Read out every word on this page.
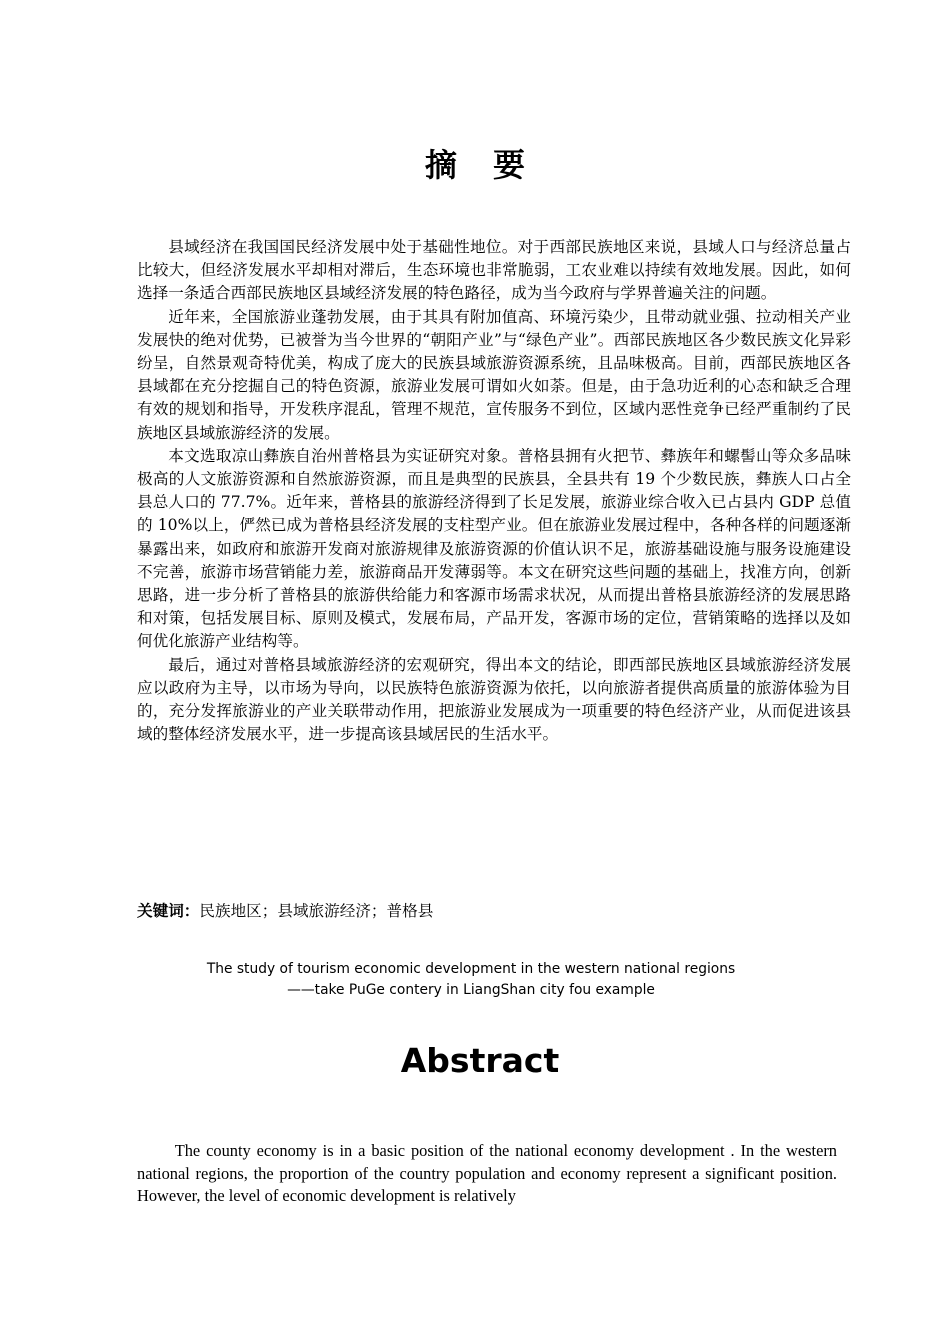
摘要

县域经济在我国国民经济发展中处于基础性地位。对于西部民族地区来说，县域人口与经济总量占比较大，但经济发展水平却相对滞后，生态环境也非常脆弱，工农业难以持续有效地发展。因此，如何选择一条适合西部民族地区县域经济发展的特色路径，成为当今政府与学界普遍关注的问题。

近年来，全国旅游业蓬勃发展，由于其具有附加值高、环境污染少，且带动就业强、拉动相关产业发展快的绝对优势，已被誉为当今世界的“朝阳产业”与“绿色产业”。西部民族地区各少数民族文化异彩纷呈，自然景观奇特优美，构成了庞大的民族县域旅游资源系统，且品味极高。目前，西部民族地区各县域都在充分挖掘自己的特色资源，旅游业发展可谓如火如荼。但是，由于急功近利的心态和缺乏合理有效的规划和指导，开发秩序混乱，管理不规范，宣传服务不到位，区域内恶性竞争已经严重制约了民族地区县域旅游经济的发展。

本文选取凉山彝族自治州普格县为实证研究对象。普格县拥有火把节、彝族年和螺髻山等众多品味极高的人文旅游资源和自然旅游资源，而且是典型的民族县，全县共有 19 个少数民族，彝族人口占全县总人口的 77.7%。近年来，普格县的旅游经济得到了长足发展，旅游业综合收入已占县内 GDP 总值的 10%以上，俨然已成为普格县经济发展的支柱型产业。但在旅游业发展过程中，各种各样的问题逐渐暴露出来，如政府和旅游开发商对旅游规律及旅游资源的价值认识不足，旅游基础设施与服务设施建设不完善，旅游市场营销能力差，旅游商品开发薄弱等。本文在研究这些问题的基础上，找准方向，创新思路，进一步分析了普格县的旅游供给能力和客源市场需求状况，从而提出普格县旅游经济的发展思路和对策，包括发展目标、原则及模式，发展布局，产品开发，客源市场的定位，营销策略的选择以及如何优化旅游产业结构等。

最后，通过对普格县域旅游经济的宏观研究，得出本文的结论，即西部民族地区县域旅游经济发展应以政府为主导，以市场为导向，以民族特色旅游资源为依托，以向旅游者提供高质量的旅游体验为目的，充分发挥旅游业的产业关联带动作用，把旅游业发展成为一项重要的特色经济产业，从而促进该县域的整体经济发展水平，进一步提高该县域居民的生活水平。

关键词：民族地区；县域旅游经济；普格县
The study of tourism economic development in the western national regions
——take PuGe contery in LiangShan city fou example
Abstract

The county economy is in a basic position of the national economy development . In the western national regions, the proportion of the country population and economy represent a significant position. However, the level of economic development is relatively
